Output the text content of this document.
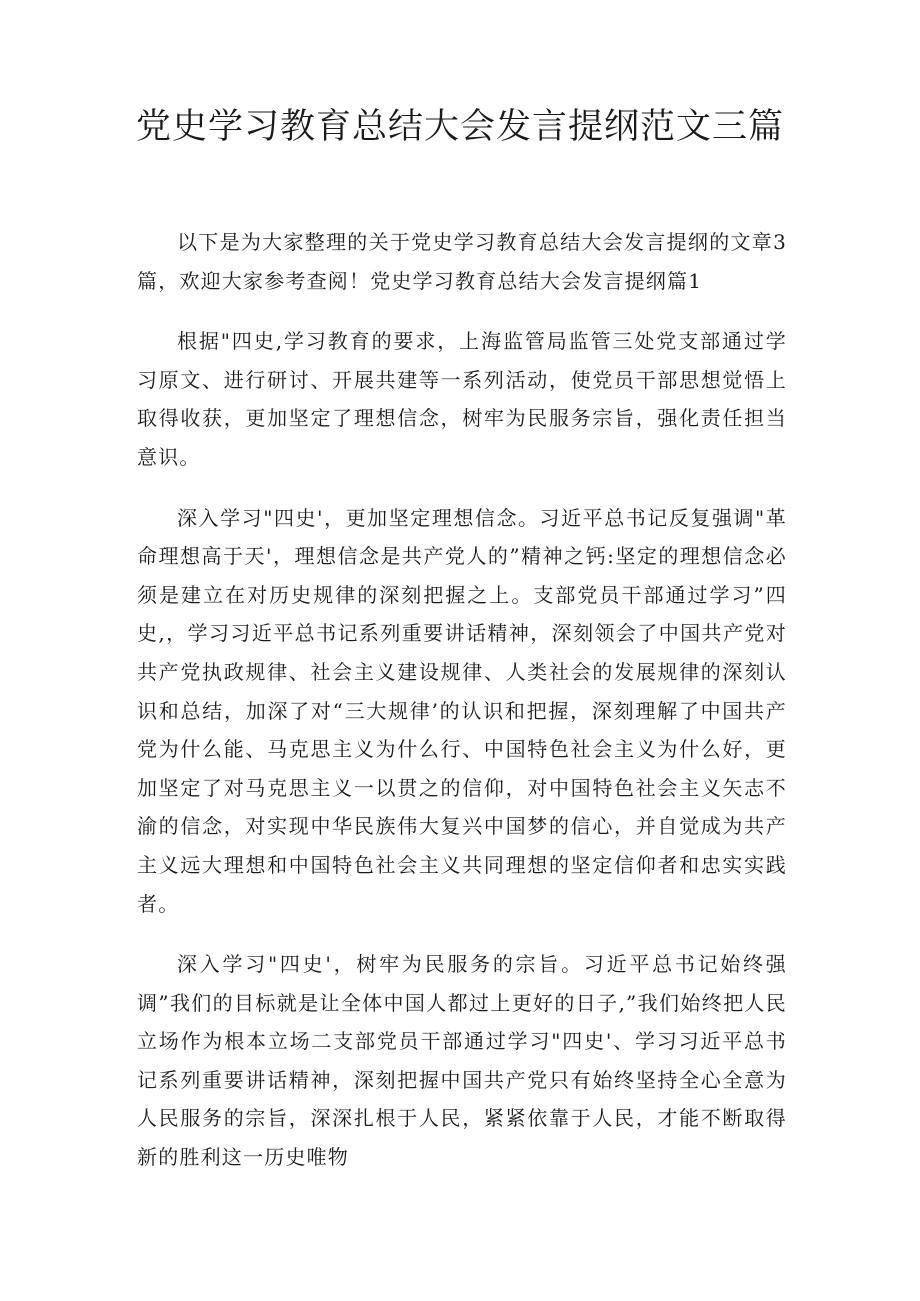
党史学习教育总结大会发言提纲范文三篇

以下是为大家整理的关于党史学习教育总结大会发言提纲的文章3篇，欢迎大家参考查阅！党史学习教育总结大会发言提纲篇1

根据"四史,学习教育的要求，上海监管局监管三处党支部通过学习原文、进行研讨、开展共建等一系列活动，使党员干部思想觉悟上取得收获，更加坚定了理想信念，树牢为民服务宗旨，强化责任担当意识。

深入学习"四史'，更加坚定理想信念。习近平总书记反复强调"革命理想高于天'，理想信念是共产党人的”精神之钙:坚定的理想信念必须是建立在对历史规律的深刻把握之上。支部党员干部通过学习”四史,，学习习近平总书记系列重要讲话精神，深刻领会了中国共产党对共产党执政规律、社会主义建设规律、人类社会的发展规律的深刻认识和总结，加深了对“三大规律’的认识和把握，深刻理解了中国共产党为什么能、马克思主义为什么行、中国特色社会主义为什么好，更加坚定了对马克思主义一以贯之的信仰，对中国特色社会主义矢志不渝的信念，对实现中华民族伟大复兴中国梦的信心，并自觉成为共产主义远大理想和中国特色社会主义共同理想的坚定信仰者和忠实实践者。

深入学习"四史'，树牢为民服务的宗旨。习近平总书记始终强调”我们的目标就是让全体中国人都过上更好的日子,”我们始终把人民立场作为根本立场二支部党员干部通过学习"四史'、学习习近平总书记系列重要讲话精神，深刻把握中国共产党只有始终坚持全心全意为人民服务的宗旨，深深扎根于人民，紧紧依靠于人民，才能不断取得新的胜利这一历史唯物
